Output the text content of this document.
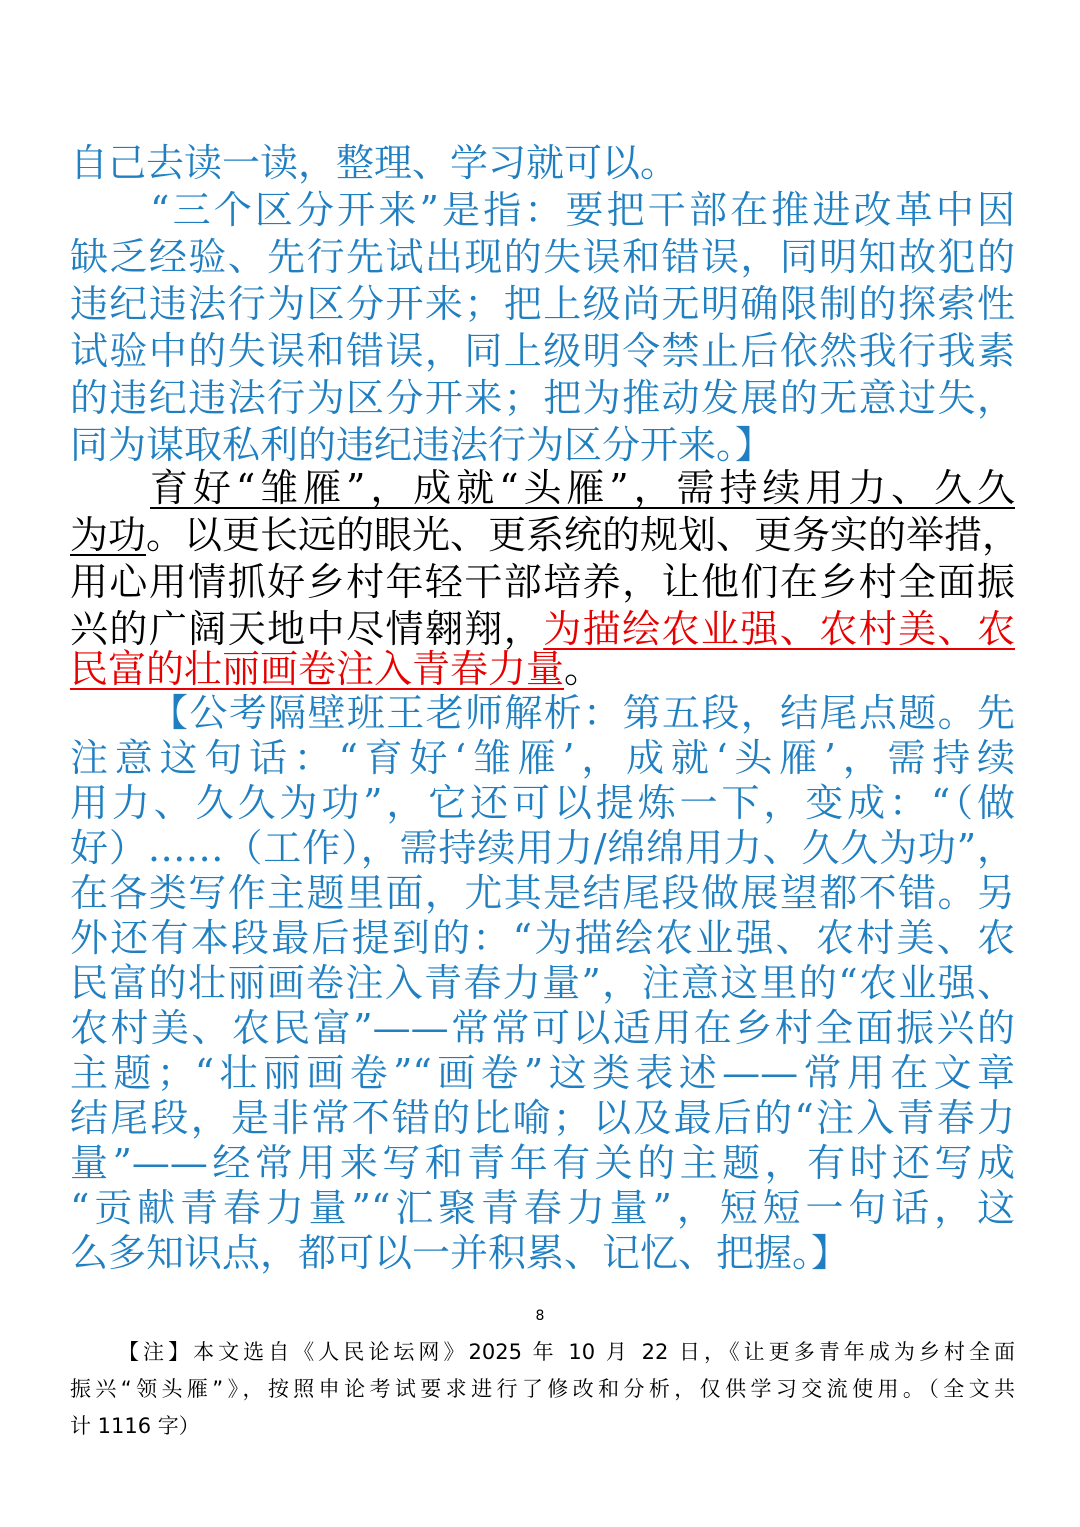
自己去读一读，整理、学习就可以。
“三个区分开来”是指：要把干部在推进改革中因
缺乏经验、先行先试出现的失误和错误，同明知故犯的
违纪违法行为区分开来；把上级尚无明确限制的探索性
试验中的失误和错误，同上级明令禁止后依然我行我素
的违纪违法行为区分开来；把为推动发展的无意过失，
同为谋取私利的违纪违法行为区分开来。】
育好“雏雁”，成就“头雁”，需持续用力、久久
为功。以更长远的眼光、更系统的规划、更务实的举措，
用心用情抓好乡村年轻干部培养，让他们在乡村全面振
兴的广阔天地中尽情翱翔，为描绘农业强、农村美、农
民富的壮丽画卷注入青春力量。
【公考隔壁班王老师解析：第五段，结尾点题。先
注意这句话：“育好‘雏雁’，成就‘头雁’，需持续
用力、久久为功”，它还可以提炼一下，变成：“（做
好）……（工作），需持续用力/绵绵用力、久久为功”，
在各类写作主题里面，尤其是结尾段做展望都不错。另
外还有本段最后提到的：“为描绘农业强、农村美、农
民富的壮丽画卷注入青春力量”，注意这里的“农业强、
农村美、农民富”——常常可以适用在乡村全面振兴的
主题；“壮丽画卷”“画卷”这类表述——常用在文章
结尾段，是非常不错的比喻；以及最后的“注入青春力
量”——经常用来写和青年有关的主题，有时还写成
“贡献青春力量”“汇聚青春力量”，短短一句话，这
么多知识点，都可以一并积累、记忆、把握。】
8
【注】本文选自《人民论坛网》2025 年 10 月 22 日，《让更多青年成为乡村全面
振兴“领头雁”》，按照申论考试要求进行了修改和分析，仅供学习交流使用。（全文共
计 1116 字）
